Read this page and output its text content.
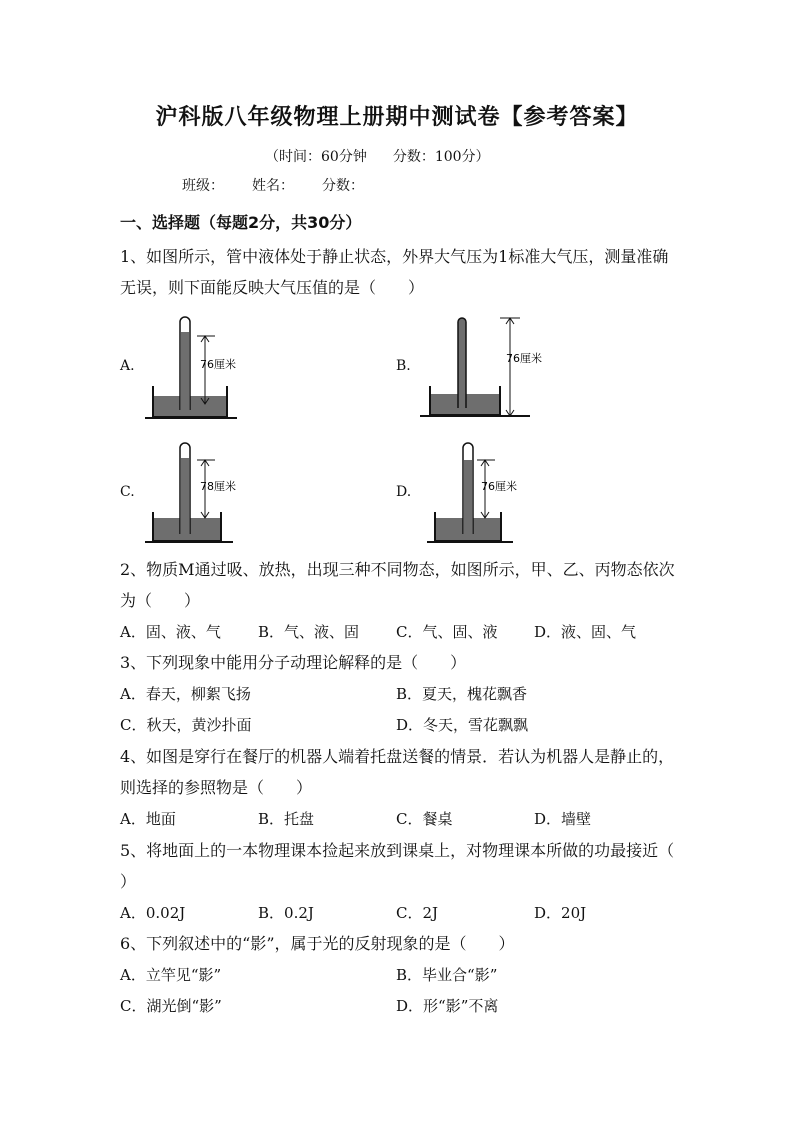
沪科版八年级物理上册期中测试卷【参考答案】
（时间：60分钟 分数：100分）
班级： 姓名： 分数：
一、选择题（每题2分，共30分）
1、如图所示，管中液体处于静止状态，外界大气压为1标准大气压，测量准确
无误，则下面能反映大气压值的是（　　）
A.	76厘米	B.	76厘米
C.	78厘米	D.	76厘米
2、物质M通过吸、放热，出现三种不同物态，如图所示，甲、乙、丙物态依次
为（　　）
A．固、液、气 B．气、液、固 C．气、固、液 D．液、固、气
3、下列现象中能用分子动理论解释的是（　　）
A．春天，柳絮飞扬	B．夏天，槐花飘香
C．秋天，黄沙扑面	D．冬天，雪花飘飘
4、如图是穿行在餐厅的机器人端着托盘送餐的情景．若认为机器人是静止的，
则选择的参照物是（　　）
A．地面	B．托盘	C．餐桌	D．墙壁
5、将地面上的一本物理课本捡起来放到课桌上，对物理课本所做的功最接近（
）
A．0.02J	B．0.2J	C．2J	D．20J
6、下列叙述中的“影”，属于光的反射现象的是（　　）
A．立竿见“影”	B．毕业合“影”
C．湖光倒“影”	D．形“影”不离
